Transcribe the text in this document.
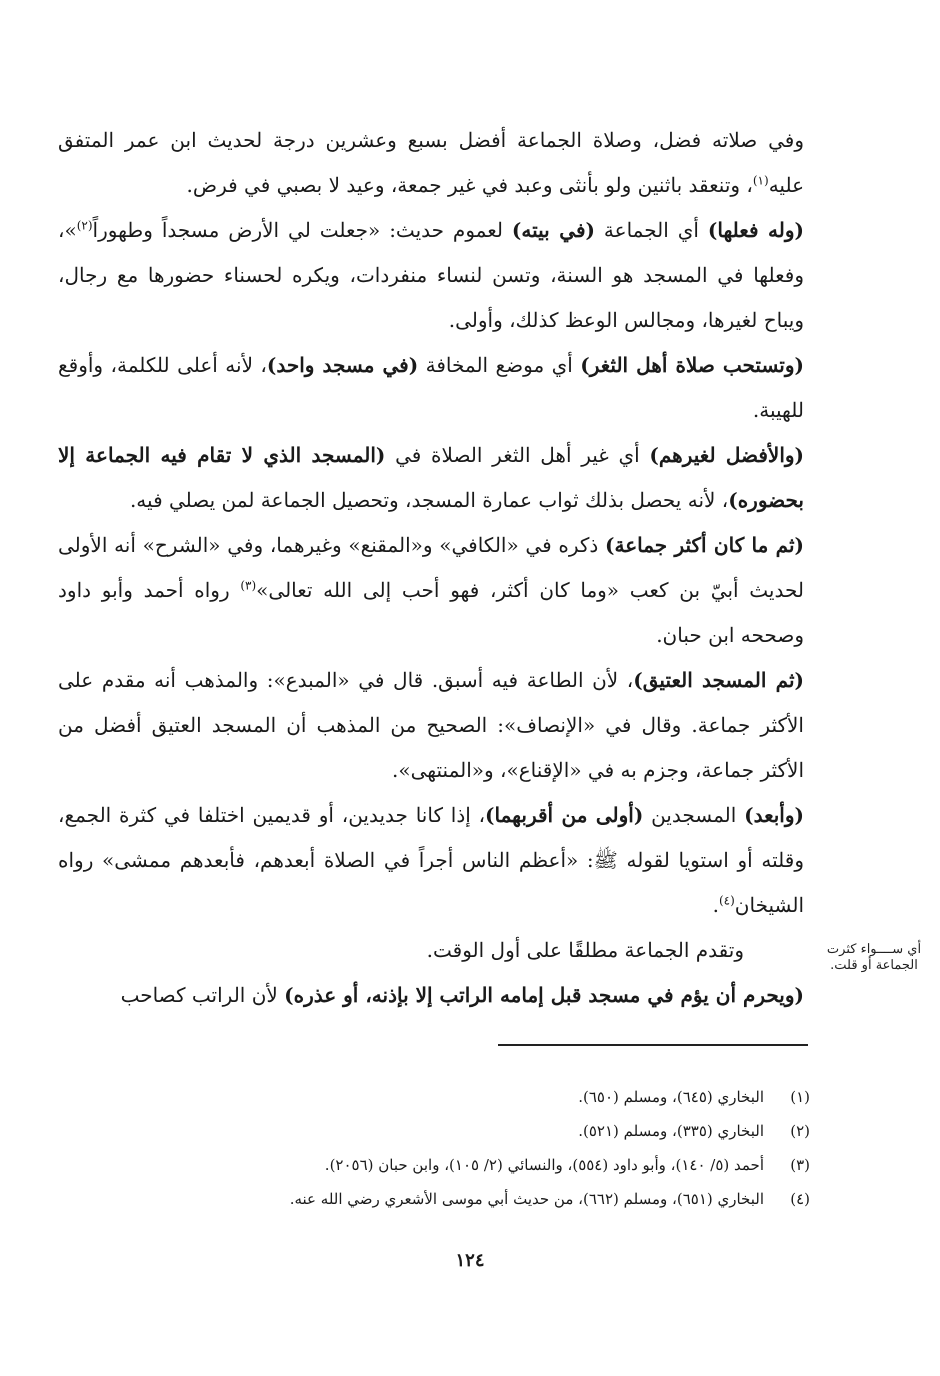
وفي صلاته فضل، وصلاة الجماعة أفضل بسبع وعشرين درجة لحديث ابن عمر المتفق عليه$^{(١)}$، وتنعقد باثنين ولو بأنثى وعبد في غير جمعة، وعيد لا بصبي في فرض.

(وله فعلها) أي الجماعة (في بيته) لعموم حديث: «جعلت لي الأرض مسجداً وطهوراً$^{(٢)}$»، وفعلها في المسجد هو السنة، وتسن لنساء منفردات، ويكره لحسناء حضورها مع رجال، ويباح لغيرها، ومجالس الوعظ كذلك، وأولى.

(وتستحب صلاة أهل الثغر) أي موضع المخافة (في مسجد واحد)، لأنه أعلى للكلمة، وأوقع للهيبة.

(والأفضل لغيرهم) أي غير أهل الثغر الصلاة في (المسجد الذي لا تقام فيه الجماعة إلا بحضوره)، لأنه يحصل بذلك ثواب عمارة المسجد، وتحصيل الجماعة لمن يصلي فيه.

(ثم ما كان أكثر جماعة) ذكره في «الكافي» و«المقنع» وغيرهما، وفي «الشرح» أنه الأولى لحديث أبيّ بن كعب «وما كان أكثر، فهو أحب إلى الله تعالى»$^{(٣)}$ رواه أحمد وأبو داود وصححه ابن حبان.

(ثم المسجد العتيق)، لأن الطاعة فيه أسبق. قال في «المبدع»: والمذهب أنه مقدم على الأكثر جماعة. وقال في «الإنصاف»: الصحيح من المذهب أن المسجد العتيق أفضل من الأكثر جماعة، وجزم به في «الإقناع»، و«المنتهى».

(وأبعد) المسجدين (أولى من أقربهما)، إذا كانا جديدين، أو قديمين اختلفا في كثرة الجمع، وقلته أو استويا لقوله ﷺ: «أعظم الناس أجراً في الصلاة أبعدهم، فأبعدهم ممشى» رواه الشيخان$^{(٤)}$.

وتقدم الجماعة مطلقًا على أول الوقت.

(ويحرم أن يؤم في مسجد قبل إمامه الراتب إلا بإذنه، أو عذره) لأن الراتب كصاحب

أي ســــواء كثرت الجماعة أو قلت.

(١)
البخاري (٦٤٥)، ومسلم (٦٥٠).

(٢)
البخاري (٣٣٥)، ومسلم (٥٢١).

(٣)
أحمد (٥/ ١٤٠)، وأبو داود (٥٥٤)، والنسائي (٢/ ١٠٥)، وابن حبان (٢٠٥٦).

(٤)
البخاري (٦٥١)، ومسلم (٦٦٢)، من حديث أبي موسى الأشعري رضي الله عنه.

١٢٤
